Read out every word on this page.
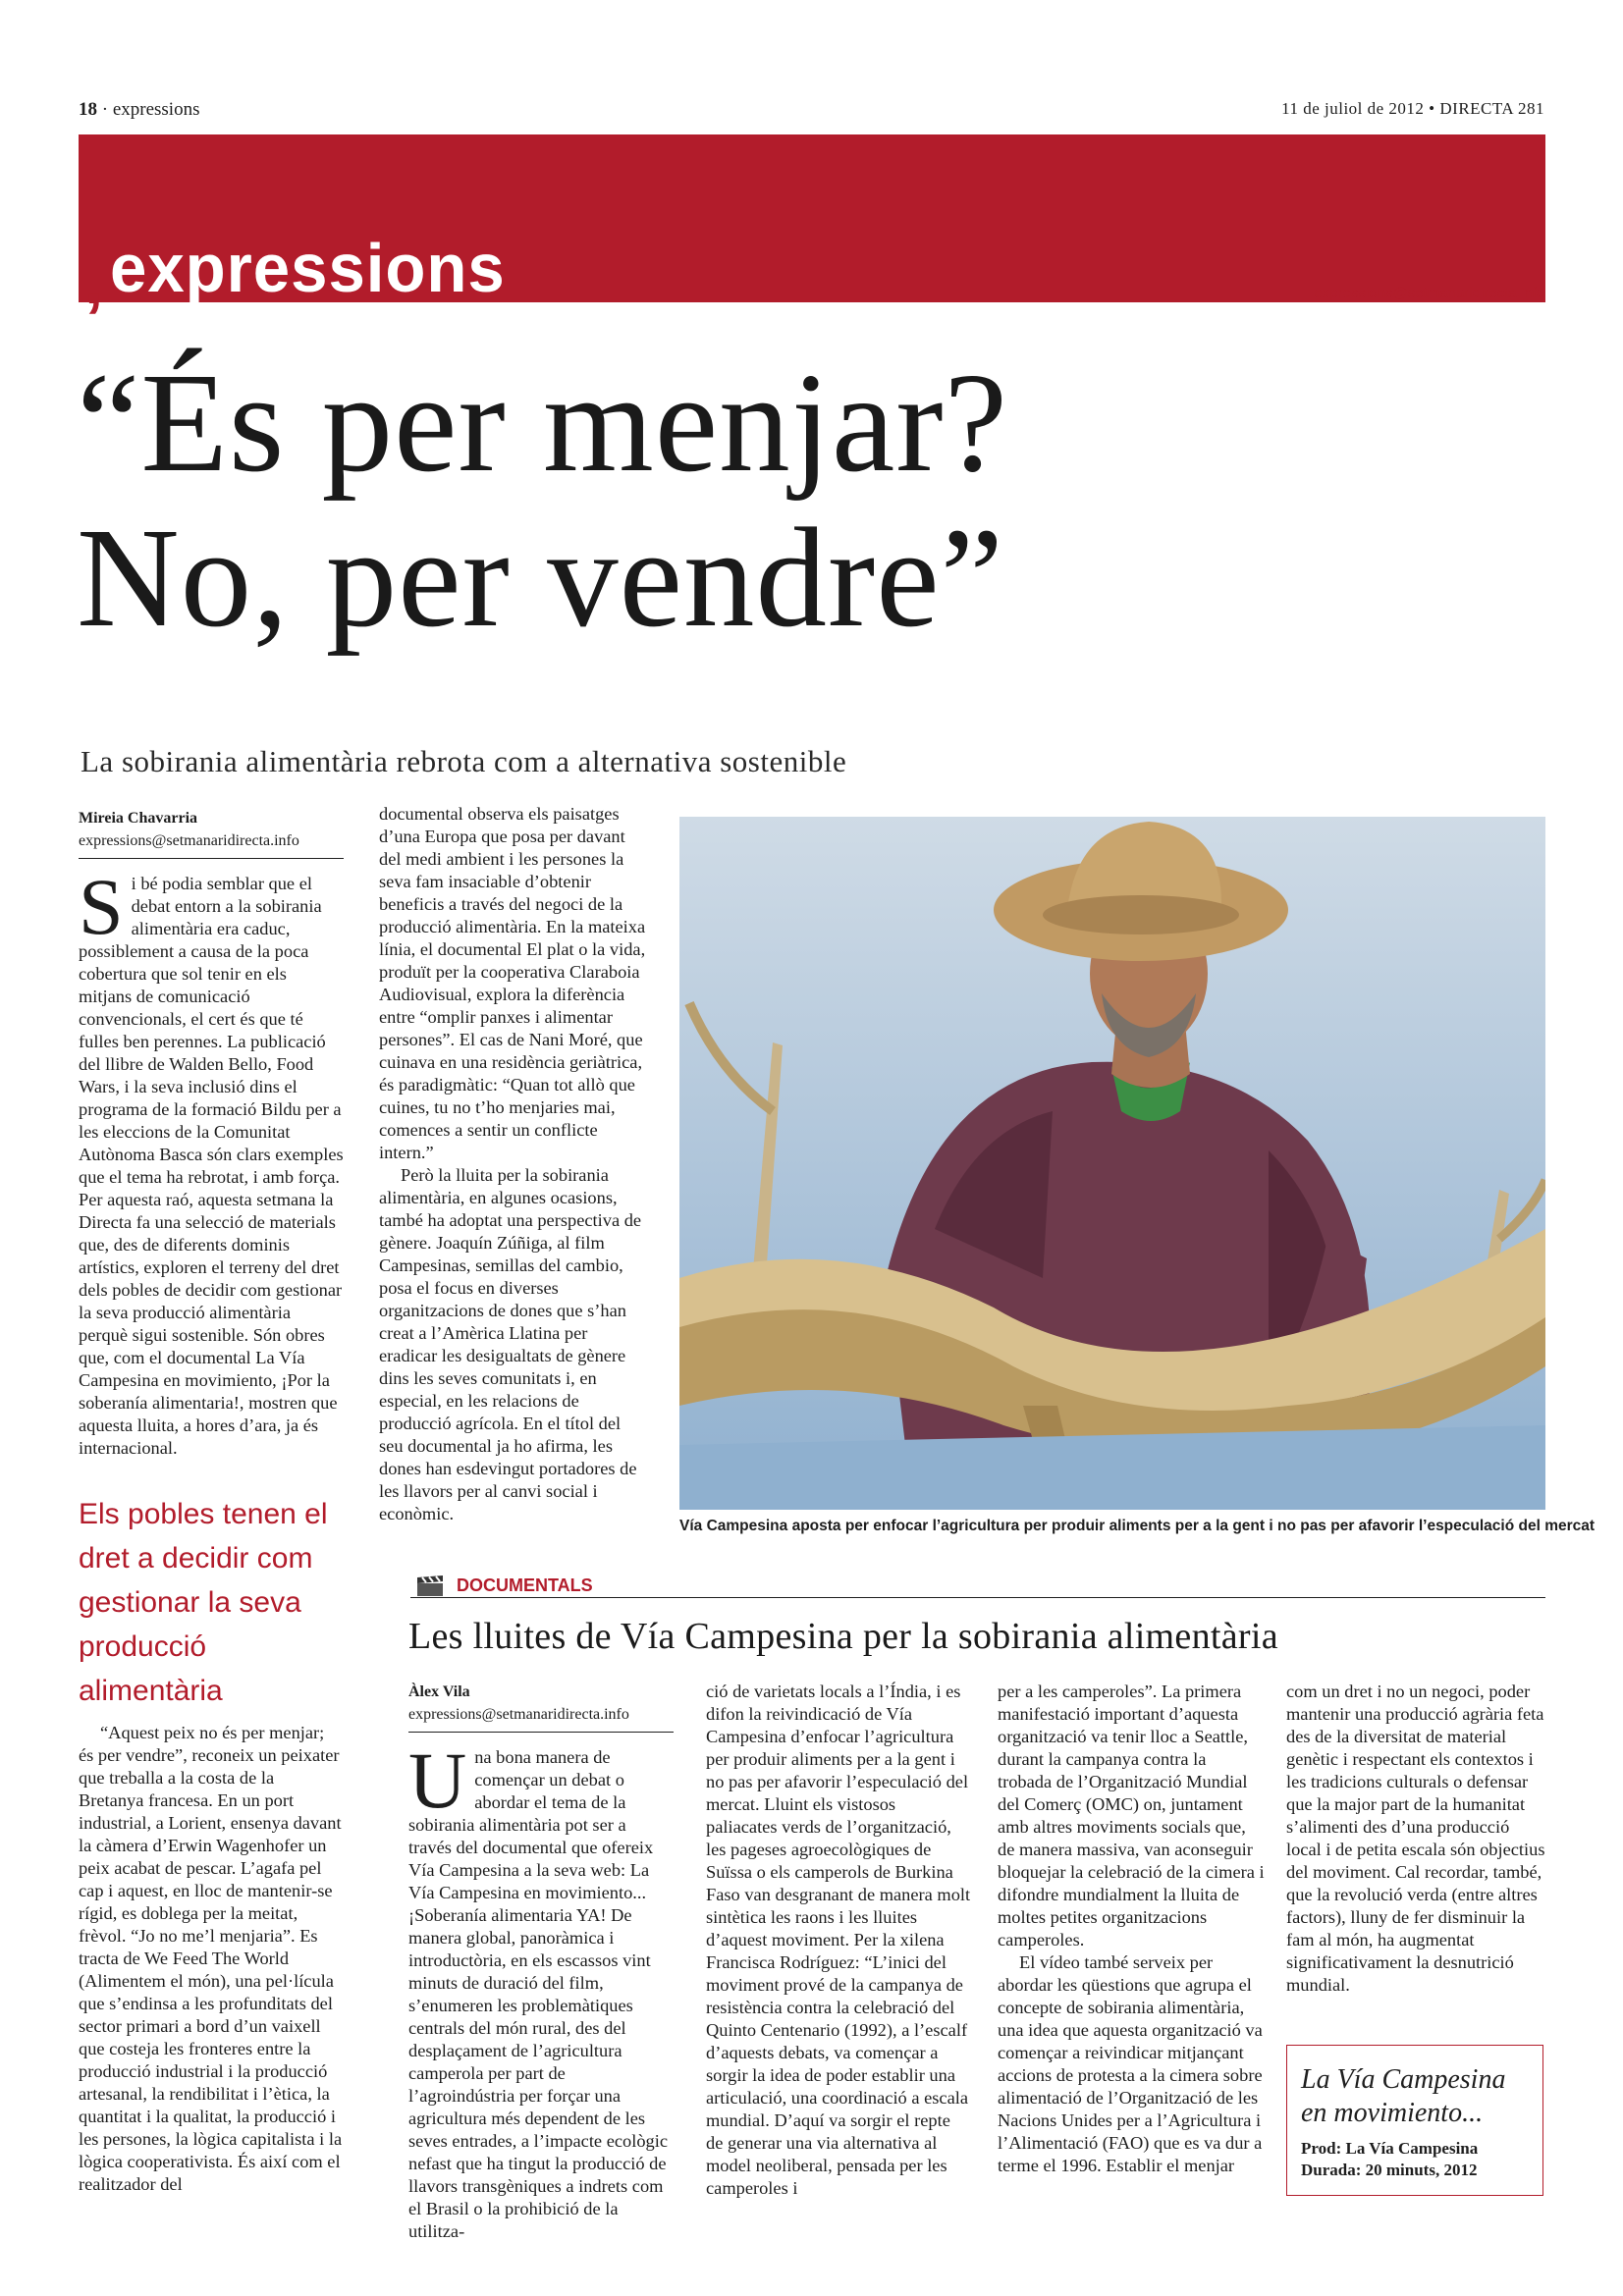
18 · expressions	11 de juliol de 2012 • DIRECTA 281
, expressions	expressions@setmanaridirecta.info
“És per menjar?
No, per vendre”
La sobirania alimentària rebrota com a alternativa sostenible
Mireia Chavarria
expressions@setmanaridirecta.info

Si bé podia semblar que el debat entorn a la sobirania alimentària era caduc, possiblement a causa de la poca cobertura que sol tenir en els mitjans de comunicació convencionals, el cert és que té fulles ben perennes. La publicació del llibre de Walden Bello, Food Wars, i la seva inclusió dins el programa de la formació Bildu per a les eleccions de la Comunitat Autònoma Basca són clars exemples que el tema ha rebrotat, i amb força. Per aquesta raó, aquesta setmana la Directa fa una selecció de materials que, des de diferents dominis artístics, exploren el terreny del dret dels pobles de decidir com gestionar la seva producció alimentària perquè sigui sostenible. Són obres que, com el documental La Vía Campesina en movimiento, ¡Por la soberanía alimentaria!, mostren que aquesta lluita, a hores d’ara, ja és internacional.

Els pobles tenen el dret a decidir com gestionar la seva producció alimentària

“Aquest peix no és per menjar; és per vendre”, reconeix un peixater que treballa a la costa de la Bretanya francesa. En un port industrial, a Lorient, ensenya davant la càmera d’Erwin Wagenhofer un peix acabat de pescar. L’agafa pel cap i aquest, en lloc de mantenir-se rígid, es doblega per la meitat, frèvol. “Jo no me’l menjaria”. Es tracta de We Feed The World (Alimentem el món), una pel·lícula que s’endinsa a les profunditats del sector primari a bord d’un vaixell que costeja les fronteres entre la producció industrial i la producció artesanal, la rendibilitat i l’ètica, la quantitat i la qualitat, la producció i les persones, la lògica capitalista i la lògica cooperativista. És així com el realitzador del

documental observa els paisatges d’una Europa que posa per davant del medi ambient i les persones la seva fam insaciable d’obtenir beneficis a través del negoci de la producció alimentària. En la mateixa línia, el documental El plat o la vida, produït per la cooperativa Claraboia Audiovisual, explora la diferència entre “omplir panxes i alimentar persones”. El cas de Nani Moré, que cuinava en una residència geriàtrica, és paradigmàtic: “Quan tot allò que cuines, tu no t’ho menjaries mai, comences a sentir un conflicte intern.”

Però la lluita per la sobirania alimentària, en algunes ocasions, també ha adoptat una perspectiva de gènere. Joaquín Zúñiga, al film Campesinas, semillas del cambio, posa el focus en diverses organitzacions de dones que s’han creat a l’Amèrica Llatina per eradicar les desigualtats de gènere dins les seves comunitats i, en especial, en les relacions de producció agrícola. En el títol del seu documental ja ho afirma, les dones han esdevingut portadores de les llavors per al canvi social i econòmic.

Vía Campesina aposta per enfocar l’agricultura per produir aliments per a la gent i no pas per afavorir l’especulació del mercat
DOCUMENTALS
Les lluites de Vía Campesina per la sobirania alimentària
Àlex Vila
expressions@setmanaridirecta.info

Una bona manera de començar un debat o abordar el tema de la sobirania alimentària pot ser a través del documental que ofereix Vía Campesina a la seva web: La Vía Campesina en movimiento... ¡Soberanía alimentaria YA! De manera global, panoràmica i introductòria, en els escassos vint minuts de duració del film, s’enumeren les problemàtiques centrals del món rural, des del desplaçament de l’agricultura camperola per part de l’agroindústria per forçar una agricultura més dependent de les seves entrades, a l’impacte ecològic nefast que ha tingut la producció de llavors transgèniques a indrets com el Brasil o la prohibició de la utilitza-

ció de varietats locals a l’Índia, i es difon la reivindicació de Vía Campesina d’enfocar l’agricultura per produir aliments per a la gent i no pas per afavorir l’especulació del mercat. Lluint els vistosos paliacates verds de l’organització, les pageses agroecològiques de Suïssa o els camperols de Burkina Faso van desgranant de manera molt sintètica les raons i les lluites d’aquest moviment. Per la xilena Francisca Rodríguez: “L’inici del moviment prové de la campanya de resistència contra la celebració del Quinto Centenario (1992), a l’escalf d’aquests debats, va començar a sorgir la idea de poder establir una articulació, una coordinació a escala mundial. D’aquí va sorgir el repte de generar una via alternativa al model neoliberal, pensada per les camperoles i

per a les camperoles”. La primera manifestació important d’aquesta organització va tenir lloc a Seattle, durant la campanya contra la trobada de l’Organització Mundial del Comerç (OMC) on, juntament amb altres moviments socials que, de manera massiva, van aconseguir bloquejar la celebració de la cimera i difondre mundialment la lluita de moltes petites organitzacions camperoles.

El vídeo també serveix per abordar les qüestions que agrupa el concepte de sobirania alimentària, una idea que aquesta organització va començar a reivindicar mitjançant accions de protesta a la cimera sobre alimentació de l’Organització de les Nacions Unides per a l’Agricultura i l’Alimentació (FAO) que es va dur a terme el 1996. Establir el menjar

com un dret i no un negoci, poder mantenir una producció agrària feta des de la diversitat de material genètic i respectant els contextos i les tradicions culturals o defensar que la major part de la humanitat s’alimenti des d’una producció local i de petita escala són objectius del moviment. Cal recordar, també, que la revolució verda (entre altres factors), lluny de fer disminuir la fam al món, ha augmentat significativament la desnutrició mundial.

La Vía Campesina en movimiento...
Prod: La Vía Campesina
Durada: 20 minuts, 2012
